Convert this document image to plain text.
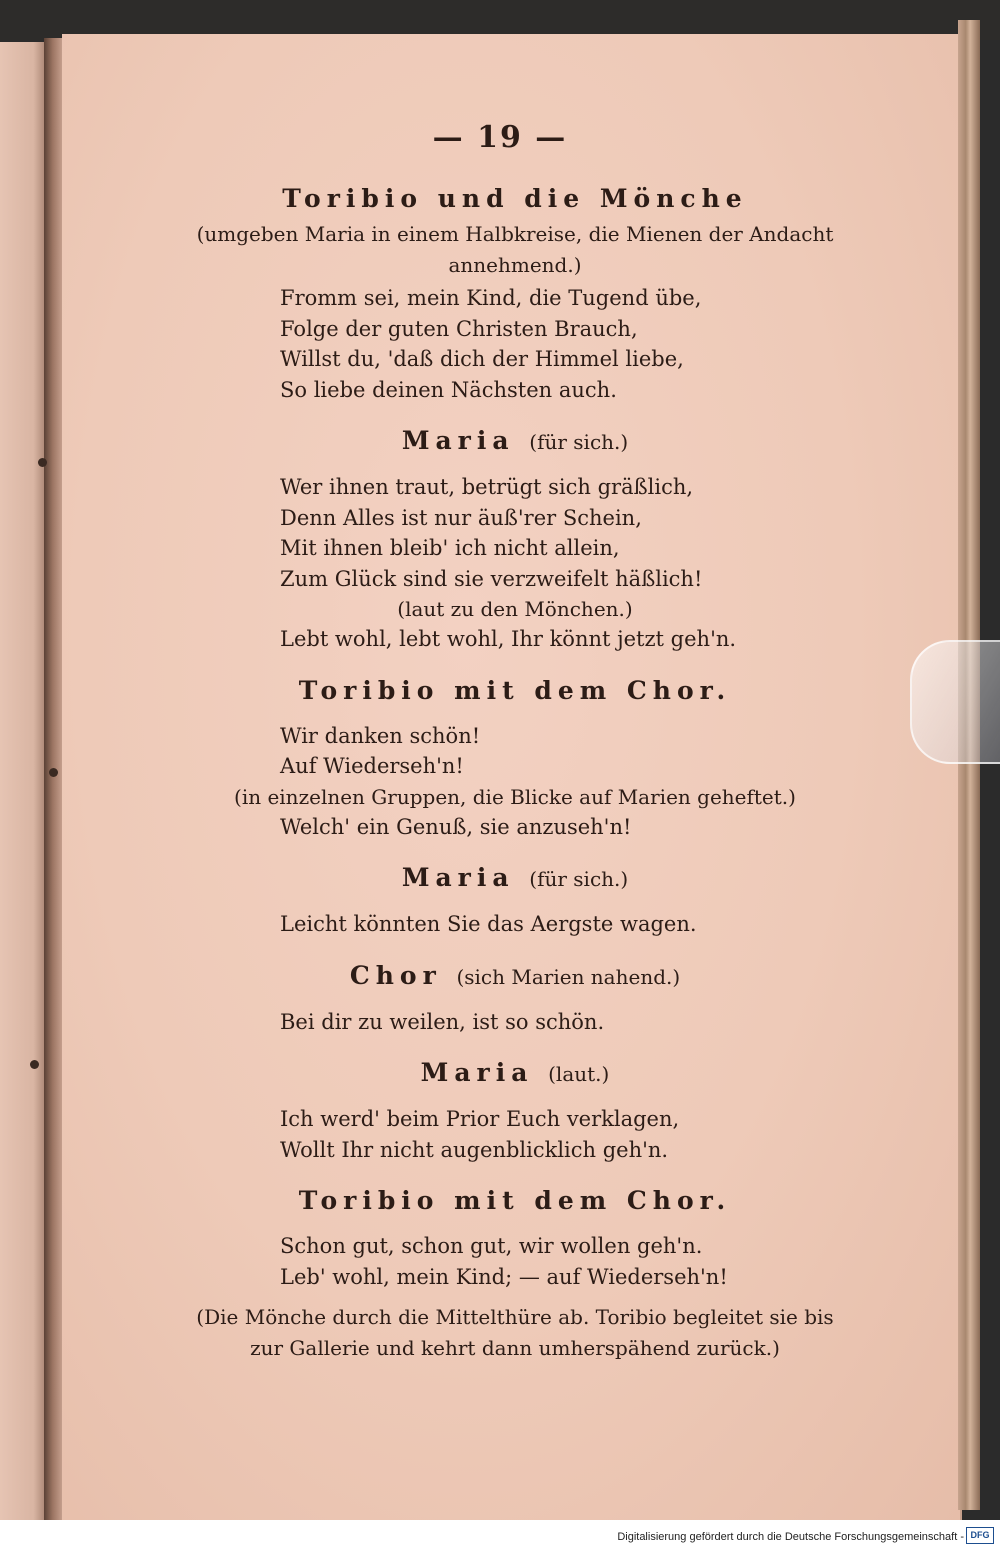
— 19 —

Toribio und die Mönche

(umgeben Maria in einem Halbkreise, die Mienen der Andacht annehmend.)

Fromm sei, mein Kind, die Tugend übe,
Folge der guten Christen Brauch,
Willst du, 'daß dich der Himmel liebe,
So liebe deinen Nächsten auch.

Maria (für sich.)

Wer ihnen traut, betrügt sich gräßlich,
Denn Alles ist nur äuß'rer Schein,
Mit ihnen bleib' ich nicht allein,
Zum Glück sind sie verzweifelt häßlich!
(laut zu den Mönchen.)
Lebt wohl, lebt wohl, Ihr könnt jetzt geh'n.

Toribio mit dem Chor.

Wir danken schön!
Auf Wiederseh'n!
(in einzelnen Gruppen, die Blicke auf Marien geheftet.)
Welch' ein Genuß, sie anzuseh'n!

Maria (für sich.)

Leicht könnten Sie das Aergste wagen.

Chor (sich Marien nahend.)

Bei dir zu weilen, ist so schön.

Maria (laut.)

Ich werd' beim Prior Euch verklagen,
Wollt Ihr nicht augenblicklich geh'n.

Toribio mit dem Chor.

Schon gut, schon gut, wir wollen geh'n.
Leb' wohl, mein Kind; — auf Wiederseh'n!

(Die Mönche durch die Mittelthüre ab. Toribio begleitet sie bis zur Gallerie und kehrt dann umherspähend zurück.)

Digitalisierung gefördert durch die Deutsche Forschungsgemeinschaft - DFG
